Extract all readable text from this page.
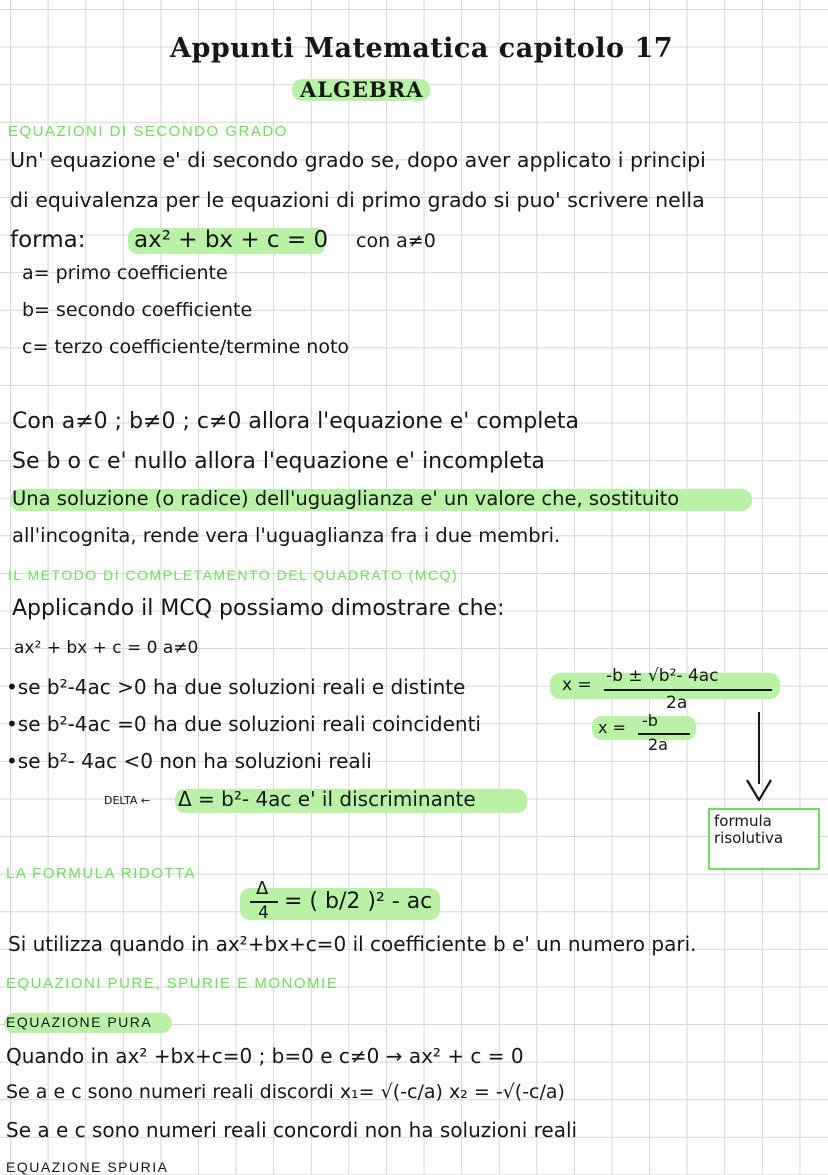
Appunti Matematica capitolo 17
ALGEBRA
EQUAZIONI DI SECONDO GRADO
Un' equazione e' di secondo grado se, dopo aver applicato i principi
di equivalenza per le equazioni di primo grado si puo' scrivere nella
forma: ax² + bx + c = 0 con a≠0
a= primo coefficiente
b= secondo coefficiente
c= terzo coefficiente/termine noto
Con a≠0 ; b≠0 ; c≠0 allora l'equazione e' completa
Se b o c e' nullo allora l'equazione e' incompleta
Una soluzione (o radice) dell'uguaglianza e' un valore che, sostituito
all'incognita, rende vera l'uguaglianza fra i due membri.
IL METODO DI COMPLETAMENTO DEL QUADRATO (MCQ)
Applicando il MCQ possiamo dimostrare che:
ax² + bx + c = 0 a≠0
•se b²-4ac >0 ha due soluzioni reali e distinte
•se b²-4ac =0 ha due soluzioni reali coincidenti
•se b²- 4ac <0 non ha soluzioni reali
x = -b ± √b²- 4ac
2a
x = -b
2a
DELTA ← Δ = b²- 4ac e' il discriminante
formula risolutiva
LA FORMULA RIDOTTA
Δ
4 = ( b/2 )² - ac
Si utilizza quando in ax²+bx+c=0 il coefficiente b e' un numero pari.
EQUAZIONI PURE, SPURIE E MONOMIE
EQUAZIONE PURA
Quando in ax² +bx+c=0 ; b=0 e c≠0 → ax² + c = 0
Se a e c sono numeri reali discordi x₁= √(-c/a) x₂ = -√(-c/a)
Se a e c sono numeri reali concordi non ha soluzioni reali
EQUAZIONE SPURIA
